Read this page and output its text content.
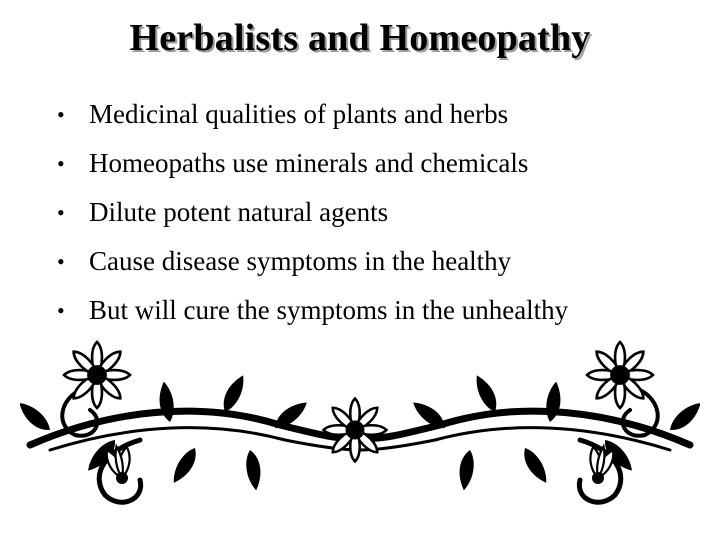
Herbalists and Homeopathy
• Medicinal qualities of plants and herbs
• Homeopaths use minerals and chemicals
• Dilute potent natural agents
• Cause disease symptoms in the healthy
• But will cure the symptoms in the unhealthy
